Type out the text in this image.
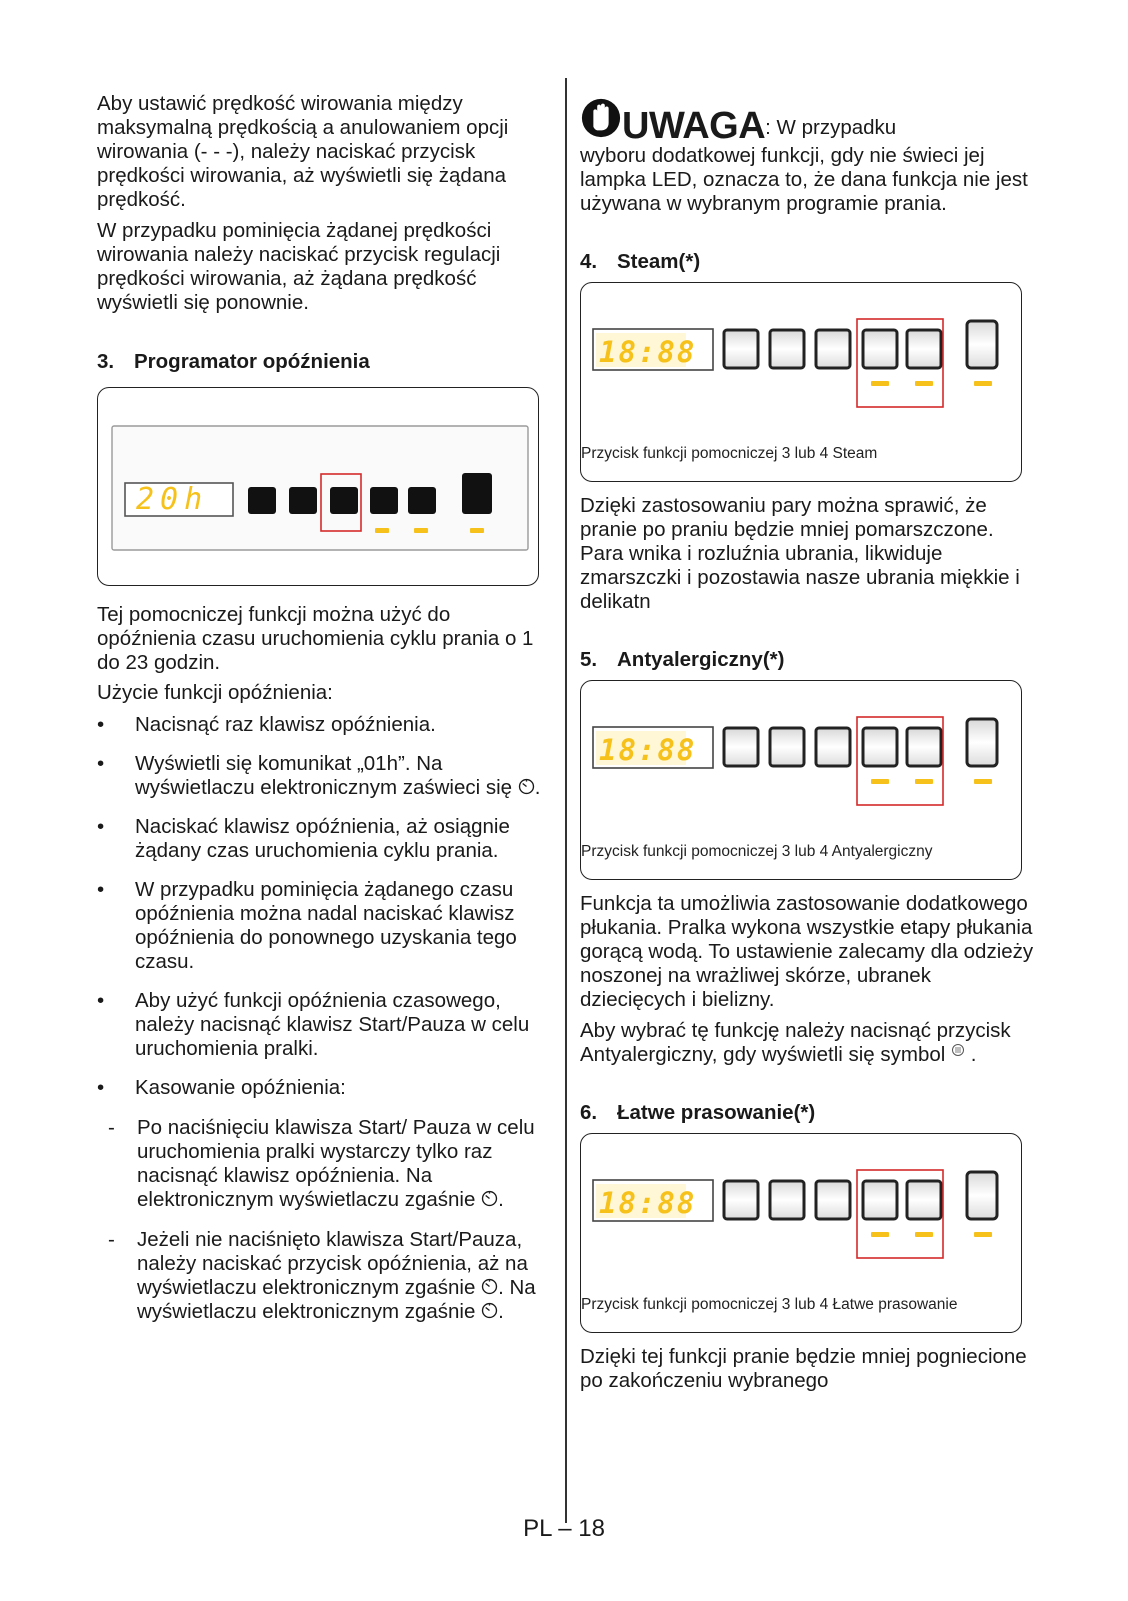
Aby ustawić prędkość wirowania między maksymalną prędkością a anulowaniem opcji wirowania (- - -), należy naciskać przycisk prędkości wirowania, aż wyświetli się żądana prędkość.

W przypadku pominięcia żądanej prędkości wirowania należy naciskać przycisk regulacji prędkości wirowania, aż żądana prędkość wyświetli się ponownie.

3. Programator opóźnienia
20h

Tej pomocniczej funkcji można użyć do opóźnienia czasu uruchomienia cyklu prania o 1 do 23 godzin.

Użycie funkcji opóźnienia:

• Nacisnąć raz klawisz opóźnienia.
• Wyświetli się komunikat „01h”. Na wyświetlaczu elektronicznym zaświeci się .
• Naciskać klawisz opóźnienia, aż osiągnie żądany czas uruchomienia cyklu prania.
• W przypadku pominięcia żądanego czasu opóźnienia można nadal naciskać klawisz opóźnienia do ponownego uzyskania tego czasu.
• Aby użyć funkcji opóźnienia czasowego, należy nacisnąć klawisz Start/Pauza w celu uruchomienia pralki.
• Kasowanie opóźnienia:
- Po naciśnięciu klawisza Start/ Pauza w celu uruchomienia pralki wystarczy tylko raz nacisnąć klawisz opóźnienia. Na elektronicznym wyświetlaczu zgaśnie .
- Jeżeli nie naciśnięto klawisza Start/Pauza, należy naciskać przycisk opóźnienia, aż na wyświetlaczu elektronicznym zgaśnie . Na wyświetlaczu elektronicznym zgaśnie .

UWAGA: W przypadku
wyboru dodatkowej funkcji, gdy nie świeci jej lampka LED, oznacza to, że dana funkcja nie jest używana w wybranym programie prania.

4. Steam(*)
18:88
Przycisk funkcji pomocniczej 3 lub 4 Steam

Dzięki zastosowaniu pary można sprawić, że pranie po praniu będzie mniej pomarszczone. Para wnika i rozluźnia ubrania, likwiduje zmarszczki i pozostawia nasze ubrania miękkie i delikatn

5. Antyalergiczny(*)
18:88
Przycisk funkcji pomocniczej 3 lub 4 Antyalergiczny

Funkcja ta umożliwia zastosowanie dodatkowego płukania. Pralka wykona wszystkie etapy płukania gorącą wodą. To ustawienie zalecamy dla odzieży noszonej na wrażliwej skórze, ubranek dziecięcych i bielizny.

Aby wybrać tę funkcję należy nacisnąć przycisk Antyalergiczny, gdy wyświetli się symbol .

6. Łatwe prasowanie(*)
18:88
Przycisk funkcji pomocniczej 3 lub 4 Łatwe prasowanie

Dzięki tej funkcji pranie będzie mniej pogniecione po zakończeniu wybranego

PL – 18
